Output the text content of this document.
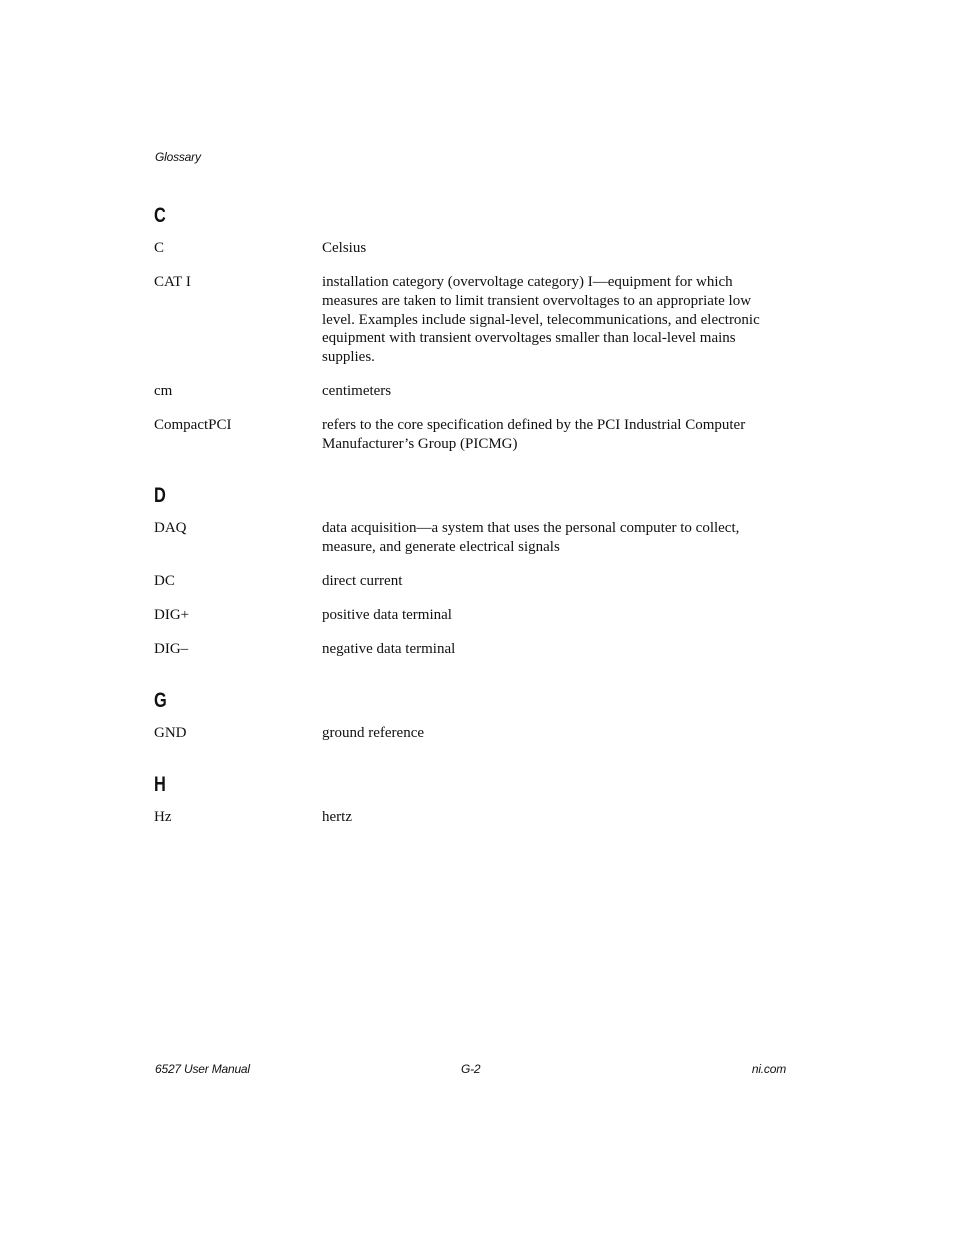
Glossary
C
C	Celsius
CAT I	installation category (overvoltage category) I—equipment for which measures are taken to limit transient overvoltages to an appropriate low level. Examples include signal-level, telecommunications, and electronic equipment with transient overvoltages smaller than local-level mains supplies.
cm	centimeters
CompactPCI	refers to the core specification defined by the PCI Industrial Computer Manufacturer’s Group (PICMG)
D
DAQ	data acquisition—a system that uses the personal computer to collect, measure, and generate electrical signals
DC	direct current
DIG+	positive data terminal
DIG–	negative data terminal
G
GND	ground reference
H
Hz	hertz
6527 User Manual	G-2	ni.com
